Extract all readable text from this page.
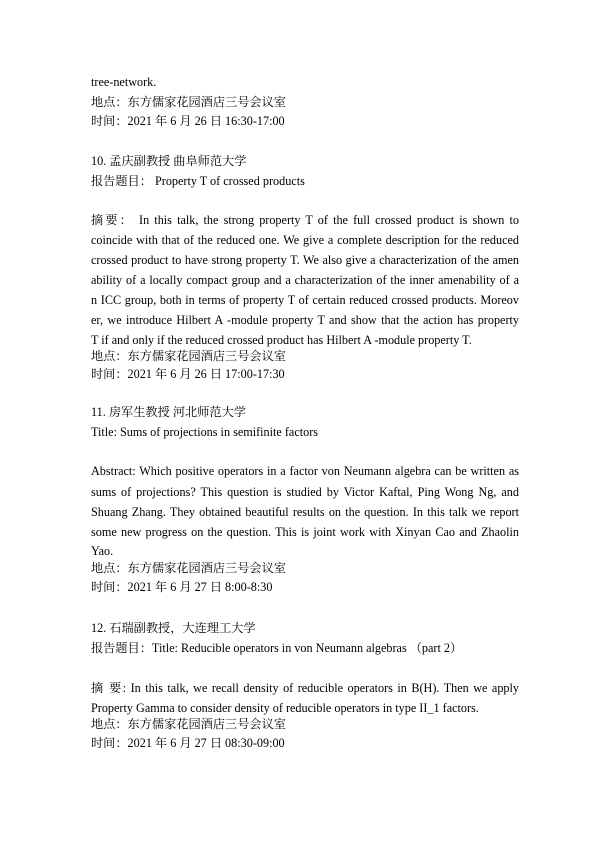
tree-network.

地点：东方儒家花园酒店三号会议室

时间：2021 年 6 月 26 日 16:30-17:00

10. 孟庆副教授 曲阜师范大学

报告题目： Property T of crossed products

摘要： In this talk, the strong property T of the full crossed product is shown to

coincide with that of the reduced one. We give a complete description for the reduced

crossed product to have strong property T. We also give a characterization of the amen

ability of a locally compact group and a characterization of the inner amenability of a

n ICC group, both in terms of property T of certain reduced crossed products. Moreov

er, we introduce Hilbert A -module property T and show that the action has property

T if and only if the reduced crossed product has Hilbert A -module property T.

地点：东方儒家花园酒店三号会议室

时间：2021 年 6 月 26 日 17:00-17:30

11. 房军生教授 河北师范大学

Title: Sums of projections in semifinite factors

Abstract: Which positive operators in a factor von Neumann algebra can be written as

sums of projections? This question is studied by Victor Kaftal, Ping Wong Ng, and

Shuang Zhang. They obtained beautiful results on the question. In this talk we report

some new progress on the question. This is joint work with Xinyan Cao and Zhaolin

Yao.

地点：东方儒家花园酒店三号会议室

时间：2021 年 6 月 27 日 8:00-8:30

12. 石瑞副教授，大连理工大学

报告题目：Title: Reducible operators in von Neumann algebras （part 2）

摘 要: In this talk, we recall density of reducible operators in B(H). Then we apply

Property Gamma to consider density of reducible operators in type II_1 factors.

地点：东方儒家花园酒店三号会议室

时间：2021 年 6 月 27 日 08:30-09:00
